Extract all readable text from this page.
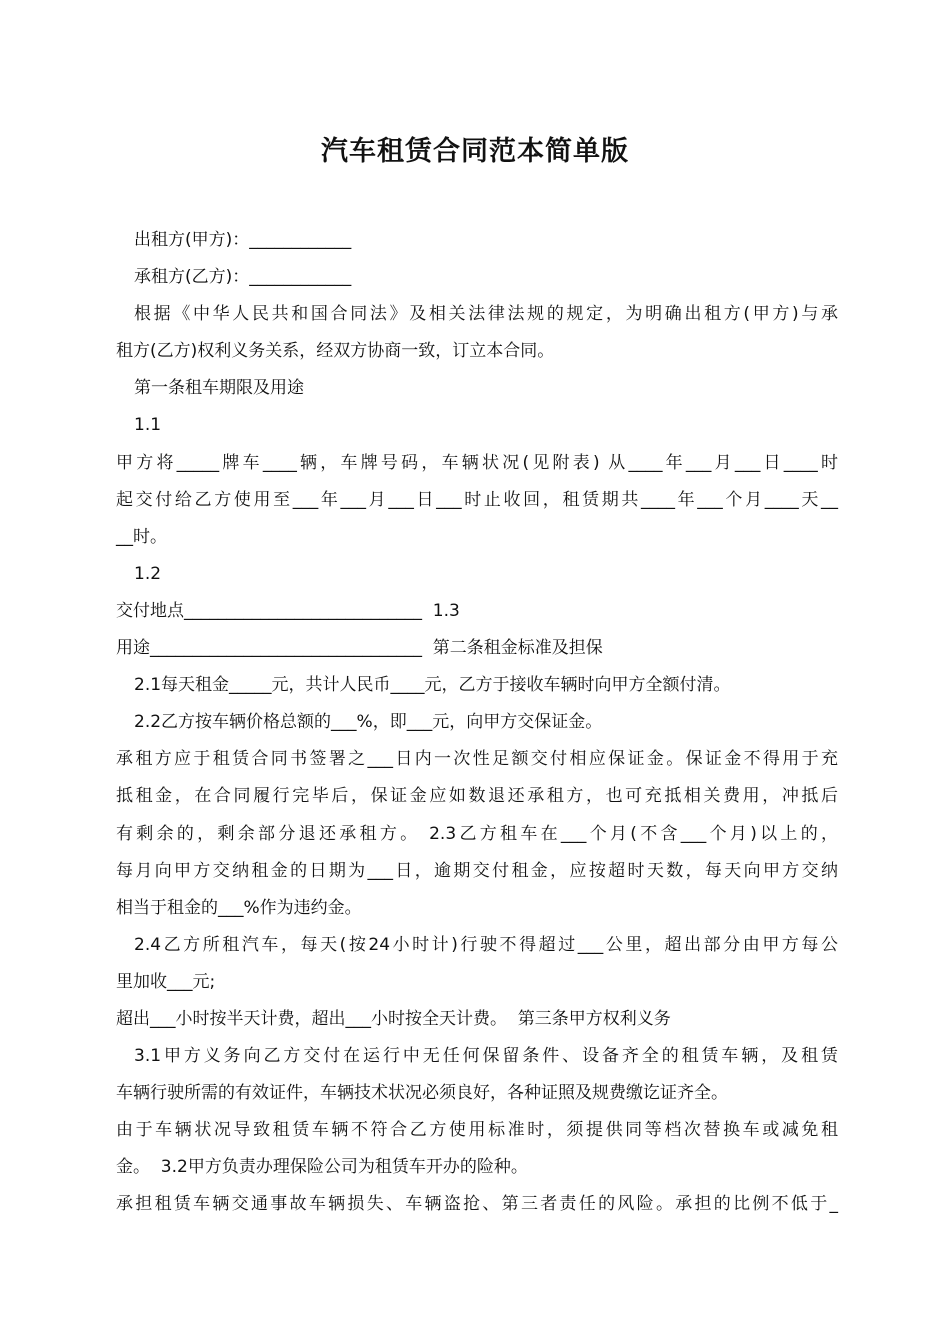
汽车租赁合同范本简单版
出租方(甲方)：____________
承租方(乙方)：____________
根据《中华人民共和国合同法》及相关法律法规的规定，为明确出租方(甲方)与承
租方(乙方)权利义务关系，经双方协商一致，订立本合同。
第一条租车期限及用途
1.1
甲方将_____牌车____辆，车牌号码，车辆状况(见附表) 从____年___月___日____时
起交付给乙方使用至___年___月___日___时止收回，租赁期共____年___个月____天__
__时。
1.2
交付地点____________________________  1.3
用途________________________________  第二条租金标准及担保
2.1每天租金_____元，共计人民币____元，乙方于接收车辆时向甲方全额付清。
2.2乙方按车辆价格总额的___%，即___元，向甲方交保证金。
承租方应于租赁合同书签署之___日内一次性足额交付相应保证金。保证金不得用于充
抵租金，在合同履行完毕后，保证金应如数退还承租方，也可充抵相关费用，冲抵后
有剩余的，剩余部分退还承租方。 2.3乙方租车在___个月(不含___个月)以上的，
每月向甲方交纳租金的日期为___日，逾期交付租金，应按超时天数，每天向甲方交纳
相当于租金的___%作为违约金。
2.4乙方所租汽车，每天(按24小时计)行驶不得超过___公里，超出部分由甲方每公
里加收___元;
超出___小时按半天计费，超出___小时按全天计费。  第三条甲方权利义务
3.1甲方义务向乙方交付在运行中无任何保留条件、设备齐全的租赁车辆，及租赁
车辆行驶所需的有效证件，车辆技术状况必须良好，各种证照及规费缴讫证齐全。
由于车辆状况导致租赁车辆不符合乙方使用标准时，须提供同等档次替换车或减免租
金。  3.2甲方负责办理保险公司为租赁车开办的险种。
承担租赁车辆交通事故车辆损失、车辆盗抢、第三者责任的风险。承担的比例不低于_
